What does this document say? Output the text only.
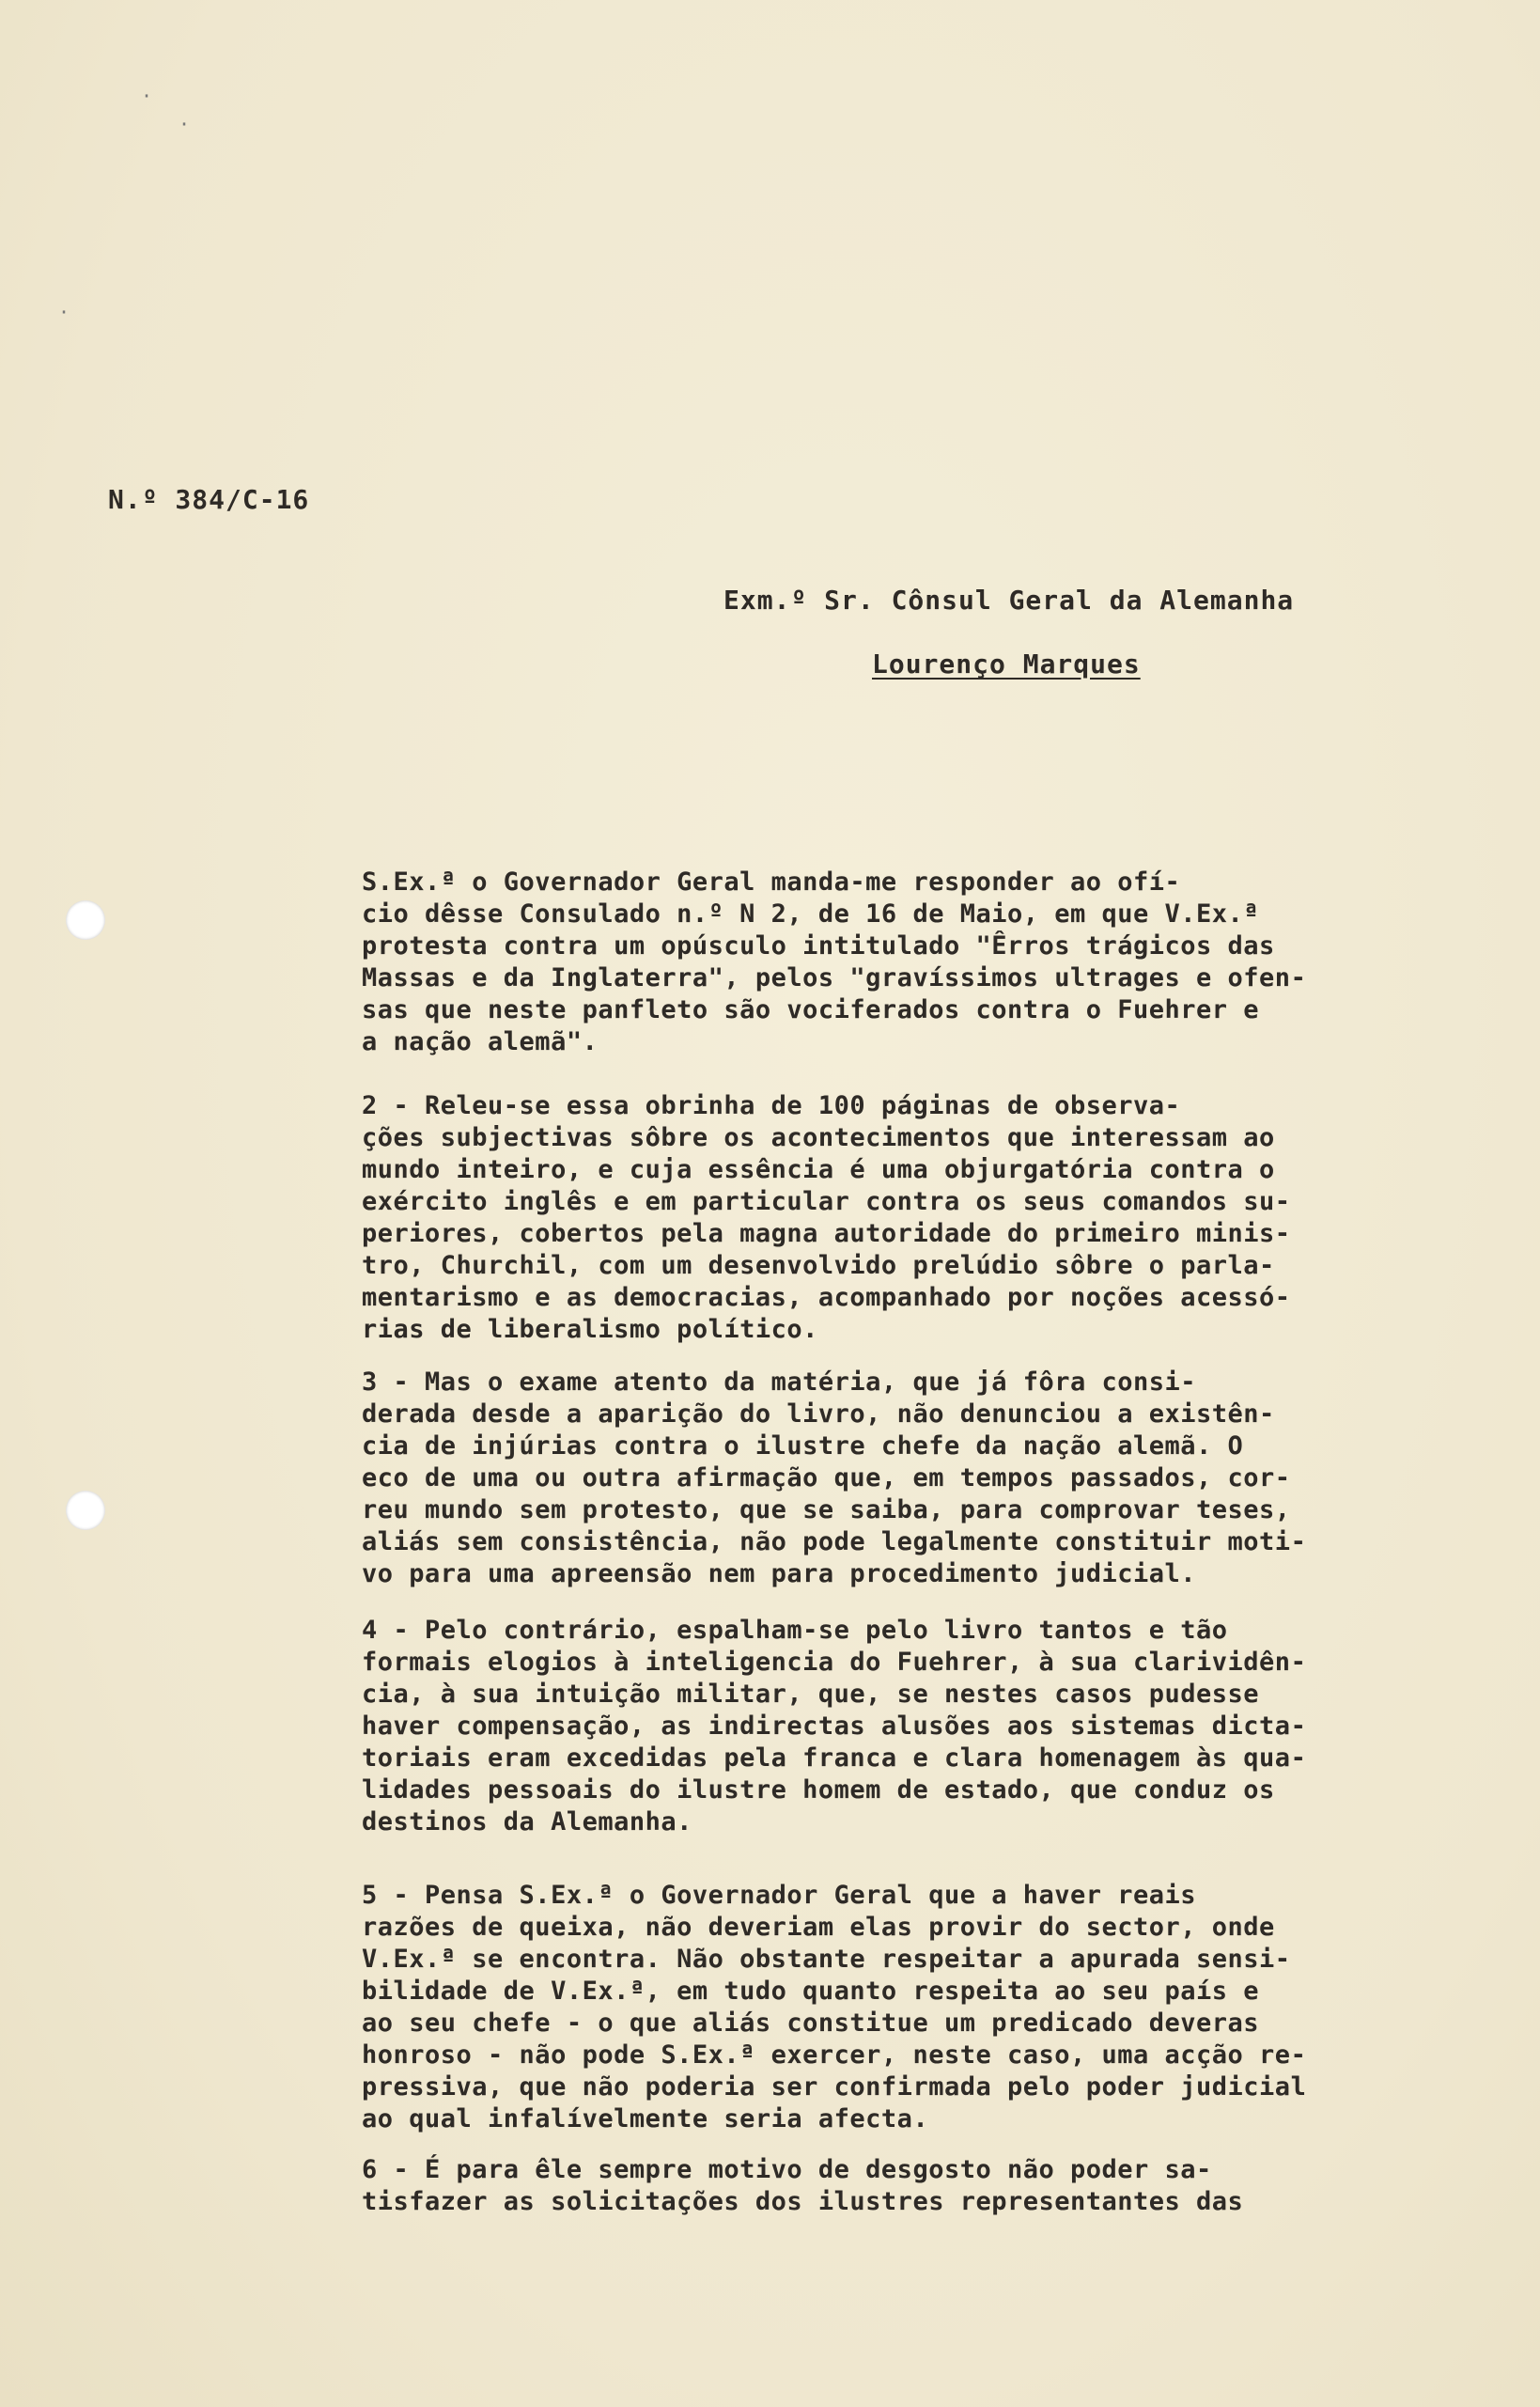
·
·
·
N.º 384/C-16
Exm.º Sr. Cônsul Geral da Alemanha
Lourenço Marques
S.Ex.ª o Governador Geral manda-me responder ao ofí-
cio dêsse Consulado n.º N 2, de 16 de Maio, em que V.Ex.ª
protesta contra um opúsculo intitulado "Êrros trágicos das
Massas e da Inglaterra", pelos "gravíssimos ultrages e ofen-
sas que neste panfleto são vociferados contra o Fuehrer e
a nação alemã".
2 - Releu-se essa obrinha de 100 páginas de observa-
ções subjectivas sôbre os acontecimentos que interessam ao
mundo inteiro, e cuja essência é uma objurgatória contra o
exército inglês e em particular contra os seus comandos su-
periores, cobertos pela magna autoridade do primeiro minis-
tro, Churchil, com um desenvolvido prelúdio sôbre o parla-
mentarismo e as democracias, acompanhado por noções acessó-
rias de liberalismo político.
3 - Mas o exame atento da matéria, que já fôra consi-
derada desde a aparição do livro, não denunciou a existên-
cia de injúrias contra o ilustre chefe da nação alemã. O
eco de uma ou outra afirmação que, em tempos passados, cor-
reu mundo sem protesto, que se saiba, para comprovar teses,
aliás sem consistência, não pode legalmente constituir moti-
vo para uma apreensão nem para procedimento judicial.
4 - Pelo contrário, espalham-se pelo livro tantos e tão
formais elogios à inteligencia do Fuehrer, à sua clarividên-
cia, à sua intuição militar, que, se nestes casos pudesse
haver compensação, as indirectas alusões aos sistemas dicta-
toriais eram excedidas pela franca e clara homenagem às qua-
lidades pessoais do ilustre homem de estado, que conduz os
destinos da Alemanha.
5 - Pensa S.Ex.ª o Governador Geral que a haver reais
razões de queixa, não deveriam elas provir do sector, onde
V.Ex.ª se encontra. Não obstante respeitar a apurada sensi-
bilidade de V.Ex.ª, em tudo quanto respeita ao seu país e
ao seu chefe - o que aliás constitue um predicado deveras
honroso - não pode S.Ex.ª exercer, neste caso, uma acção re-
pressiva, que não poderia ser confirmada pelo poder judicial
ao qual infalívelmente seria afecta.
6 - É para êle sempre motivo de desgosto não poder sa-
tisfazer as solicitações dos ilustres representantes das
